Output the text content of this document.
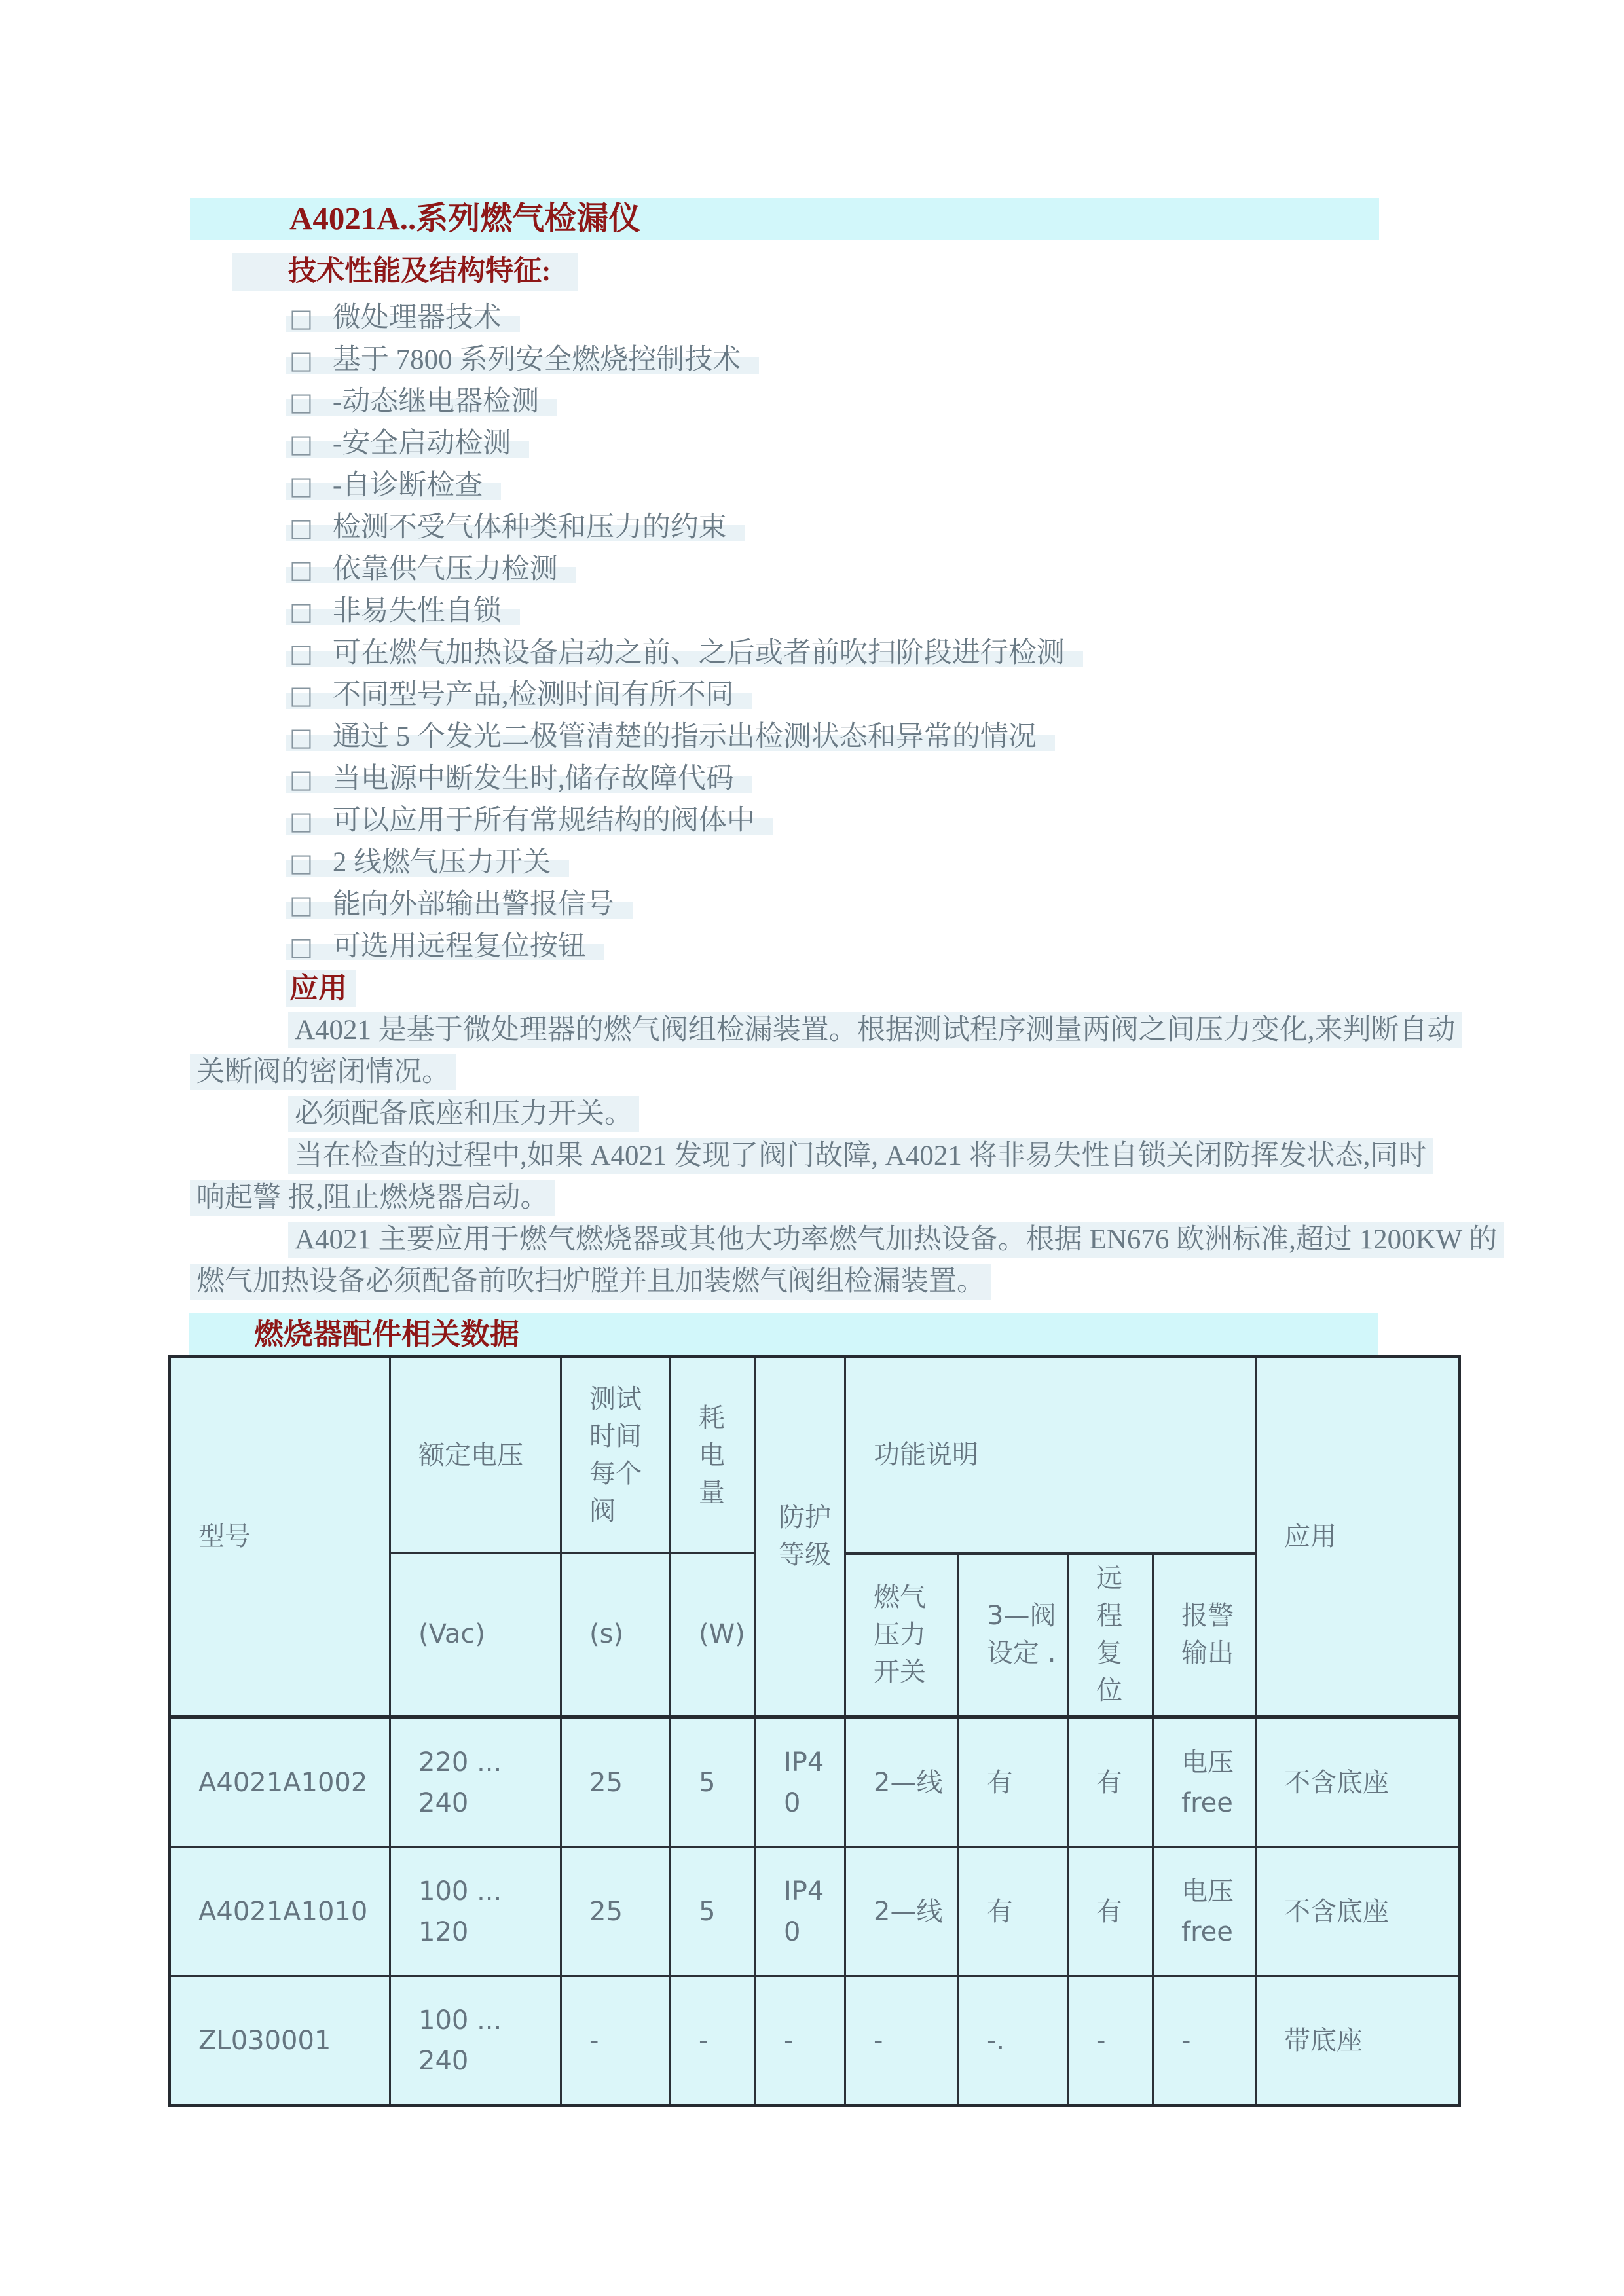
A4021A..系列燃气检漏仪
技术性能及结构特征:
□ 微处理器技术
□ 基于 7800 系列安全燃烧控制技术
□ -动态继电器检测
□ -安全启动检测
□ -自诊断检查
□ 检测不受气体种类和压力的约束
□ 依靠供气压力检测
□ 非易失性自锁
□ 可在燃气加热设备启动之前、之后或者前吹扫阶段进行检测
□ 不同型号产品,检测时间有所不同
□ 通过 5 个发光二极管清楚的指示出检测状态和异常的情况
□ 当电源中断发生时,储存故障代码
□ 可以应用于所有常规结构的阀体中
□ 2 线燃气压力开关
□ 能向外部输出警报信号
□ 可选用远程复位按钮
应用
A4021 是基于微处理器的燃气阀组检漏装置。根据测试程序测量两阀之间压力变化,来判断自动
关断阀的密闭情况。
必须配备底座和压力开关。
当在检查的过程中,如果 A4021 发现了阀门故障, A4021 将非易失性自锁关闭防挥发状态,同时
响起警 报,阻止燃烧器启动。
A4021 主要应用于燃气燃烧器或其他大功率燃气加热设备。根据 EN676 欧洲标准,超过 1200KW 的
燃气加热设备必须配备前吹扫炉膛并且加装燃气阀组检漏装置。
燃烧器配件相关数据
型号	额定电压	测试时间每个阀	耗电量	防护等级	功能说明				应用
	(Vac)	(s)	(W)		燃气压力开关	3—阀设定 .	远程复位	报警输出	
A4021A1002	220 ... 240	25	5	IP40	2—线	有	有	电压 free	不含底座
A4021A1010	100 ... 120	25	5	IP40	2—线	有	有	电压 free	不含底座
ZL030001	100 ... 240	-	-	-	-	-.	-	-	带底座
